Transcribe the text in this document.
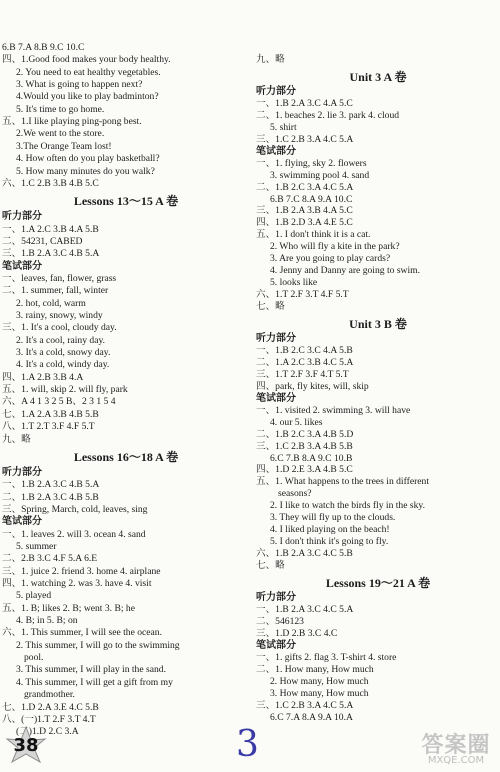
6.B 7.A 8.B 9.C 10.C
四、1.Good food makes your body healthy.
2. You need to eat healthy vegetables.
3. What is going to happen next?
4.Would you like to play badminton?
5. It's time to go home.
五、1.I like playing ping-pong best.
2.We went to the store.
3.The Orange Team lost!
4. How often do you play basketball?
5. How many minutes do you walk?
六、1.C 2.B 3.B 4.B 5.C
Lessons 13～15 A 卷
听力部分
一、1.A 2.C 3.B 4.A 5.B
二、54231, CABED
三、1.B 2.A 3.C 4.B 5.A
笔试部分
一、leaves, fan, flower, grass
二、1. summer, fall, winter
2. hot, cold, warm
3. rainy, snowy, windy
三、1. It's a cool, cloudy day.
2. It's a cool, rainy day.
3. It's a cold, snowy day.
4. It's a cold, windy day.
四、1.A 2.B 3.B 4.A
五、1. will, skip 2. will fly, park
六、A 4 1 3 2 5 B、2 3 1 5 4
七、1.A 2.A 3.B 4.B 5.B
八、1.T 2.T 3.F 4.F 5.T
九、略
Lessons 16～18 A 卷
听力部分
一、1.B 2.A 3.C 4.B 5.A
二、1.B 2.A 3.C 4.B 5.B
三、Spring, March, cold, leaves, sing
笔试部分
一、1. leaves 2. will 3. ocean 4. sand
5. summer
二、2.B 3.C 4.F 5.A 6.E
三、1. juice 2. friend 3. home 4. airplane
四、1. watching 2. was 3. have 4. visit
5. played
五、1. B; likes 2. B; went 3. B; he
4. B; in 5. B; on
六、1. This summer, I will see the ocean.
2. This summer, I will go to the swimming
pool.
3. This summer, I will play in the sand.
4. This summer, I will get a gift from my
grandmother.
七、1.D 2.A 3.E 4.C 5.B
八、(一)1.T 2.F 3.T 4.T
(二)1.D 2.C 3.A
九、略
Unit 3 A 卷
听力部分
一、1.B 2.A 3.C 4.A 5.C
二、1. beaches 2. lie 3. park 4. cloud
5. shirt
三、1.C 2.B 3.A 4.C 5.A
笔试部分
一、1. flying, sky 2. flowers
3. swimming pool 4. sand
二、1.B 2.C 3.A 4.C 5.A
6.B 7.C 8.A 9.A 10.C
三、1.B 2.A 3.B 4.A 5.C
四、1.B 2.D 3.A 4.E 5.C
五、1. I don't think it is a cat.
2. Who will fly a kite in the park?
3. Are you going to play cards?
4. Jenny and Danny are going to swim.
5. looks like
六、1.T 2.F 3.T 4.F 5.T
七、略
Unit 3 B 卷
听力部分
一、1.B 2.C 3.C 4.A 5.B
二、1.A 2.C 3.B 4.C 5.A
三、1.T 2.F 3.F 4.T 5.T
四、park, fly kites, will, skip
笔试部分
一、1. visited 2. swimming 3. will have
4. our 5. likes
二、1.B 2.C 3.A 4.B 5.D
三、1.C 2.B 3.A 4.B 5.B
6.C 7.B 8.A 9.C 10.B
四、1.D 2.E 3.A 4.B 5.C
五、1. What happens to the trees in different
seasons?
2. I like to watch the birds fly in the sky.
3. They will fly up to the clouds.
4. I liked playing on the beach!
5. I don't think it's going to fly.
六、1.B 2.A 3.C 4.C 5.B
七、略
Lessons 19～21 A 卷
听力部分
一、1.B 2.A 3.C 4.C 5.A
二、546123
三、1.D 2.B 3.C 4.C
笔试部分
一、1. gifts 2. flag 3. T-shirt 4. store
二、1. How many, How much
2. How many, How much
3. How many, How much
三、1.C 2.B 3.A 4.C 5.A
6.C 7.A 8.A 9.A 10.A
38	3	答案圈
MXQE.COM
